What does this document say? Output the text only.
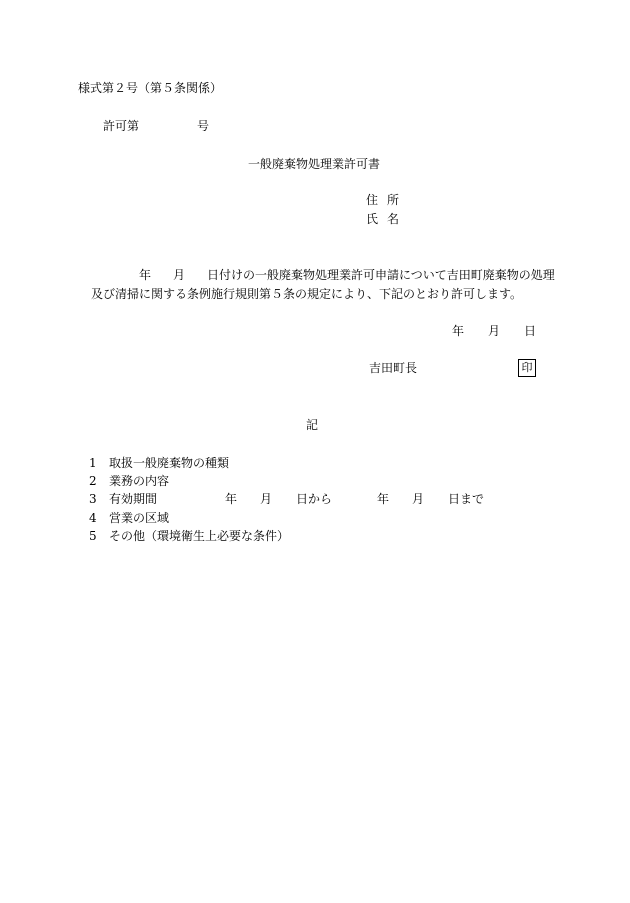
様式第２号（第５条関係）
許可第	号
一般廃棄物処理業許可書
住所
氏名
年 月 日付けの一般廃棄物処理業許可申請について吉田町廃棄物の処理
及び清掃に関する条例施行規則第５条の規定により、下記のとおり許可します。
年 月 日
吉田町長	印
記
1 取扱一般廃棄物の種類
2 業務の内容
3 有効期間
4 営業の区域
5 その他（環境衛生上必要な条件）
年 月 日から	年 月 日まで
